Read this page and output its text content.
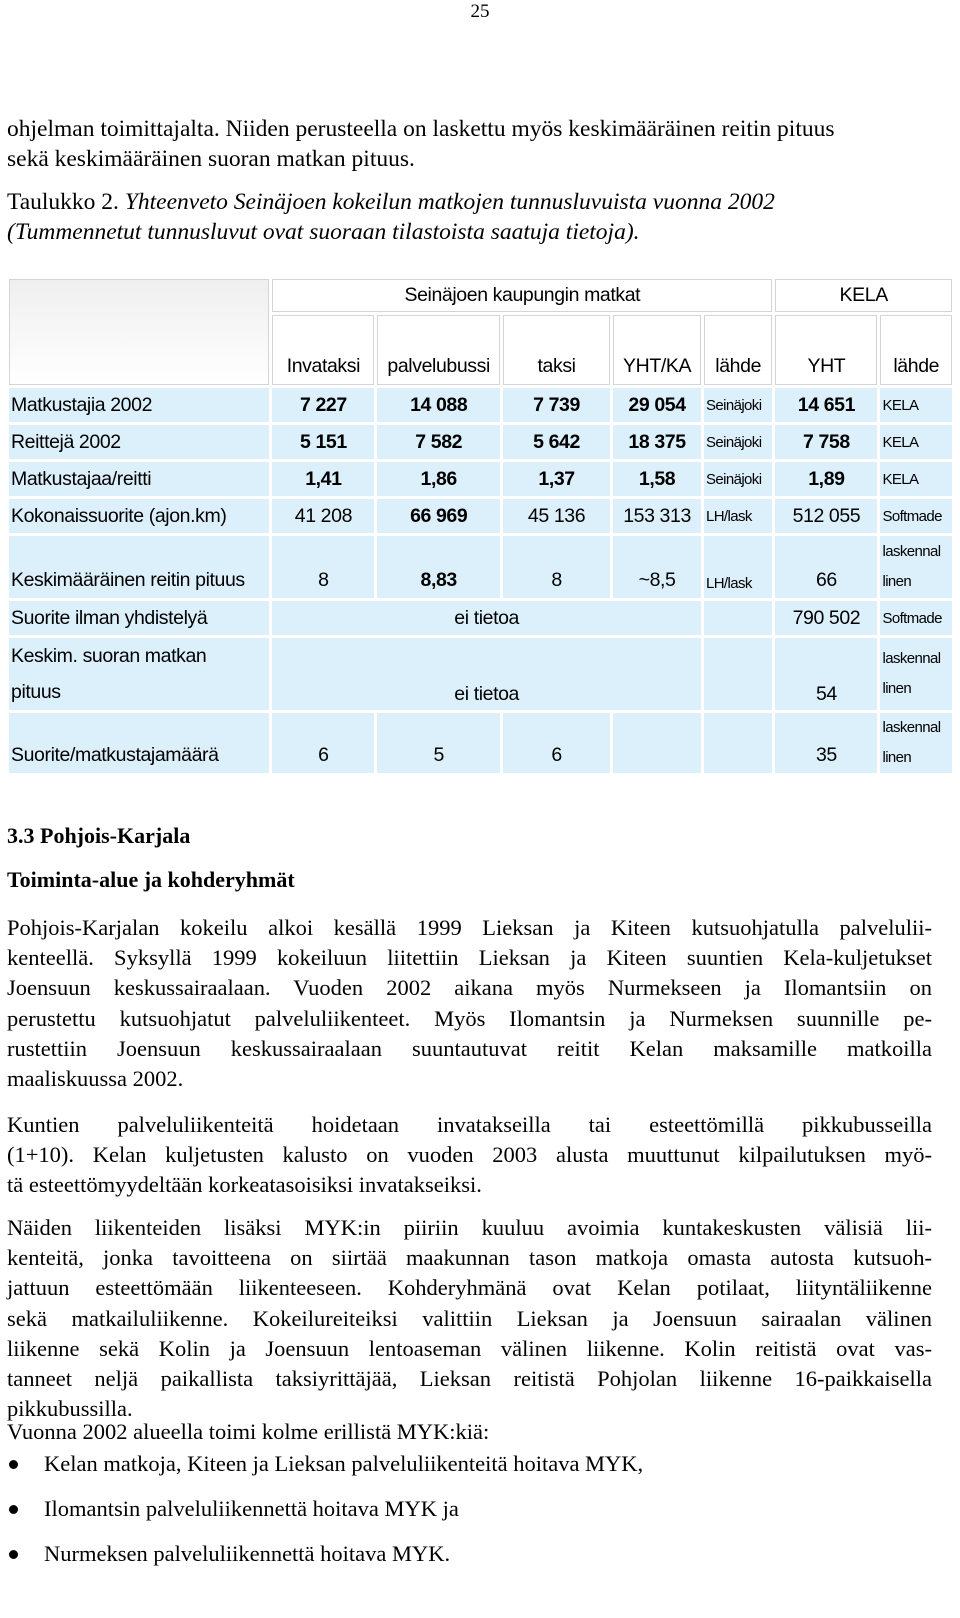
25

ohjelman toimittajalta. Niiden perusteella on laskettu myös keskimääräinen reitin pituus
sekä keskimääräinen suoran matkan pituus.

Taulukko 2. Yhteenveto Seinäjoen kokeilun matkojen tunnusluvuista vuonna 2002
(Tummennetut tunnusluvut ovat suoraan tilastoista saatuja tietoja).

	Seinäjoen kaupungin matkat					KELA	
	Invataksi	palvelubussi	taksi	YHT/KA	lähde	YHT	lähde
Matkustajia 2002	7 227	14 088	7 739	29 054	Seinäjoki	14 651	KELA
Reittejä 2002	5 151	7 582	5 642	18 375	Seinäjoki	7 758	KELA
Matkustajaa/reitti	1,41	1,86	1,37	1,58	Seinäjoki	1,89	KELA
Kokonaissuorite (ajon.km)	41 208	66 969	45 136	153 313	LH/lask	512 055	Softmade
Keskimääräinen reitin pituus	8	8,83	8	~8,5	LH/lask	66	laskennal
linen
Suorite ilman yhdistelyä	ei tietoa					790 502	Softmade
Keskim. suoran matkan
pituus	ei tietoa					54	laskennal
linen
Suorite/matkustajamäärä	6	5	6			35	laskennal
linen
3.3 Pohjois-Karjala
Toiminta-alue ja kohderyhmät

Pohjois-Karjalan kokeilu alkoi kesällä 1999 Lieksan ja Kiteen kutsuohjatulla palvelulii-
kenteellä. Syksyllä 1999 kokeiluun liitettiin Lieksan ja Kiteen suuntien Kela-kuljetukset
Joensuun keskussairaalaan. Vuoden 2002 aikana myös Nurmekseen ja Ilomantsiin on
perustettu kutsuohjatut palveluliikenteet. Myös Ilomantsin ja Nurmeksen suunnille pe-
rustettiin Joensuun keskussairaalaan suuntautuvat reitit Kelan maksamille matkoilla
maaliskuussa 2002.

Kuntien palveluliikenteitä hoidetaan invatakseilla tai esteettömillä pikkubusseilla
(1+10). Kelan kuljetusten kalusto on vuoden 2003 alusta muuttunut kilpailutuksen myö-
tä esteettömyydeltään korkeatasoisiksi invatakseiksi.

Näiden liikenteiden lisäksi MYK:in piiriin kuuluu avoimia kuntakeskusten välisiä lii-
kenteitä, jonka tavoitteena on siirtää maakunnan tason matkoja omasta autosta kutsuoh-
jattuun esteettömään liikenteeseen. Kohderyhmänä ovat Kelan potilaat, liityntäliikenne
sekä matkailuliikenne. Kokeilureiteiksi valittiin Lieksan ja Joensuun sairaalan välinen
liikenne sekä Kolin ja Joensuun lentoaseman välinen liikenne. Kolin reitistä ovat vas-
tanneet neljä paikallista taksiyrittäjää, Lieksan reitistä Pohjolan liikenne 16-paikkaisella
pikkubussilla.

Vuonna 2002 alueella toimi kolme erillistä MYK:kiä:

Kelan matkoja, Kiteen ja Lieksan palveluliikenteitä hoitava MYK,
Ilomantsin palveluliikennettä hoitava MYK ja
Nurmeksen palveluliikennettä hoitava MYK.
